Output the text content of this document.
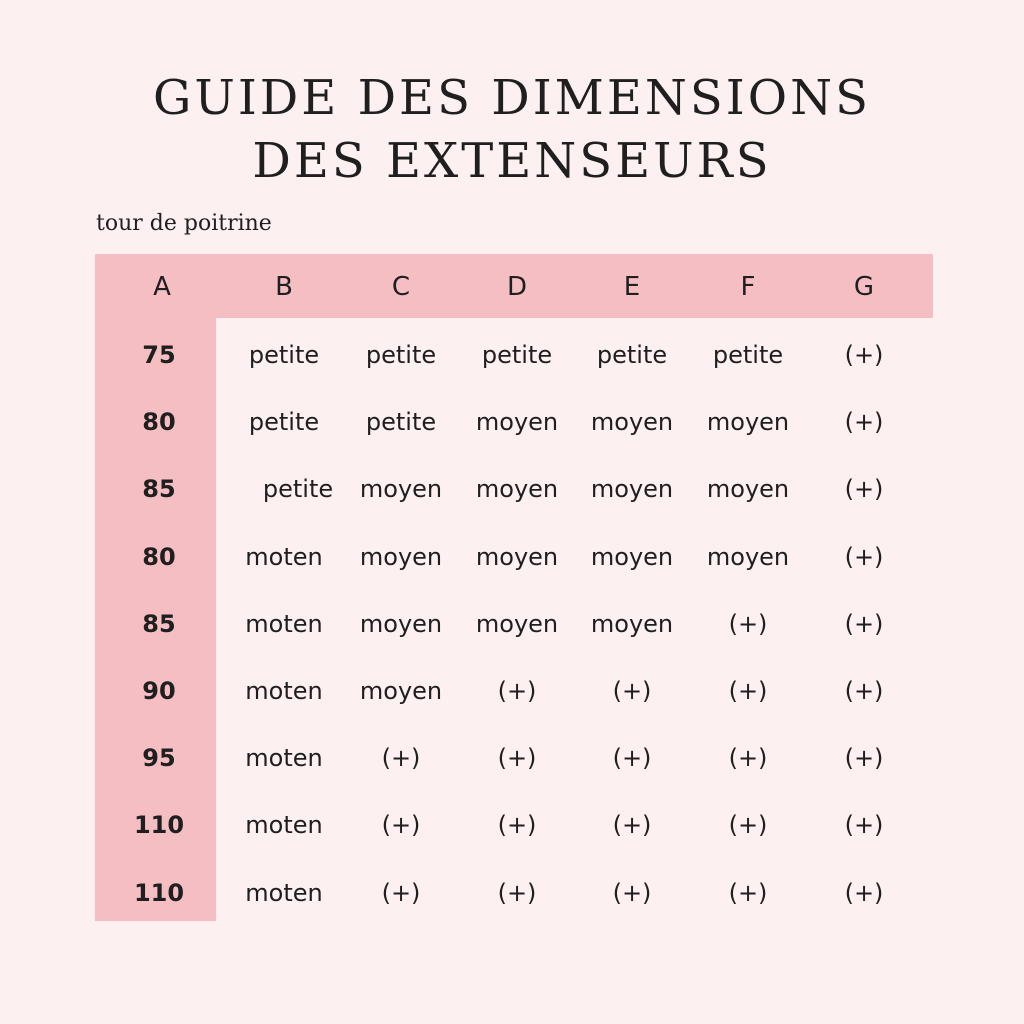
GUIDE DES DIMENSIONS
DES EXTENSEURS
tour de poitrine
A	B	C	D	E	F	G
75	petite	petite	petite	petite	petite	(+)
80	petite	petite	moyen	moyen	moyen	(+)
85	petite	moyen	moyen	moyen	moyen	(+)
80	moten	moyen	moyen	moyen	moyen	(+)
85	moten	moyen	moyen	moyen	(+)	(+)
90	moten	moyen	(+)	(+)	(+)	(+)
95	moten	(+)	(+)	(+)	(+)	(+)
110	moten	(+)	(+)	(+)	(+)	(+)
110	moten	(+)	(+)	(+)	(+)	(+)
